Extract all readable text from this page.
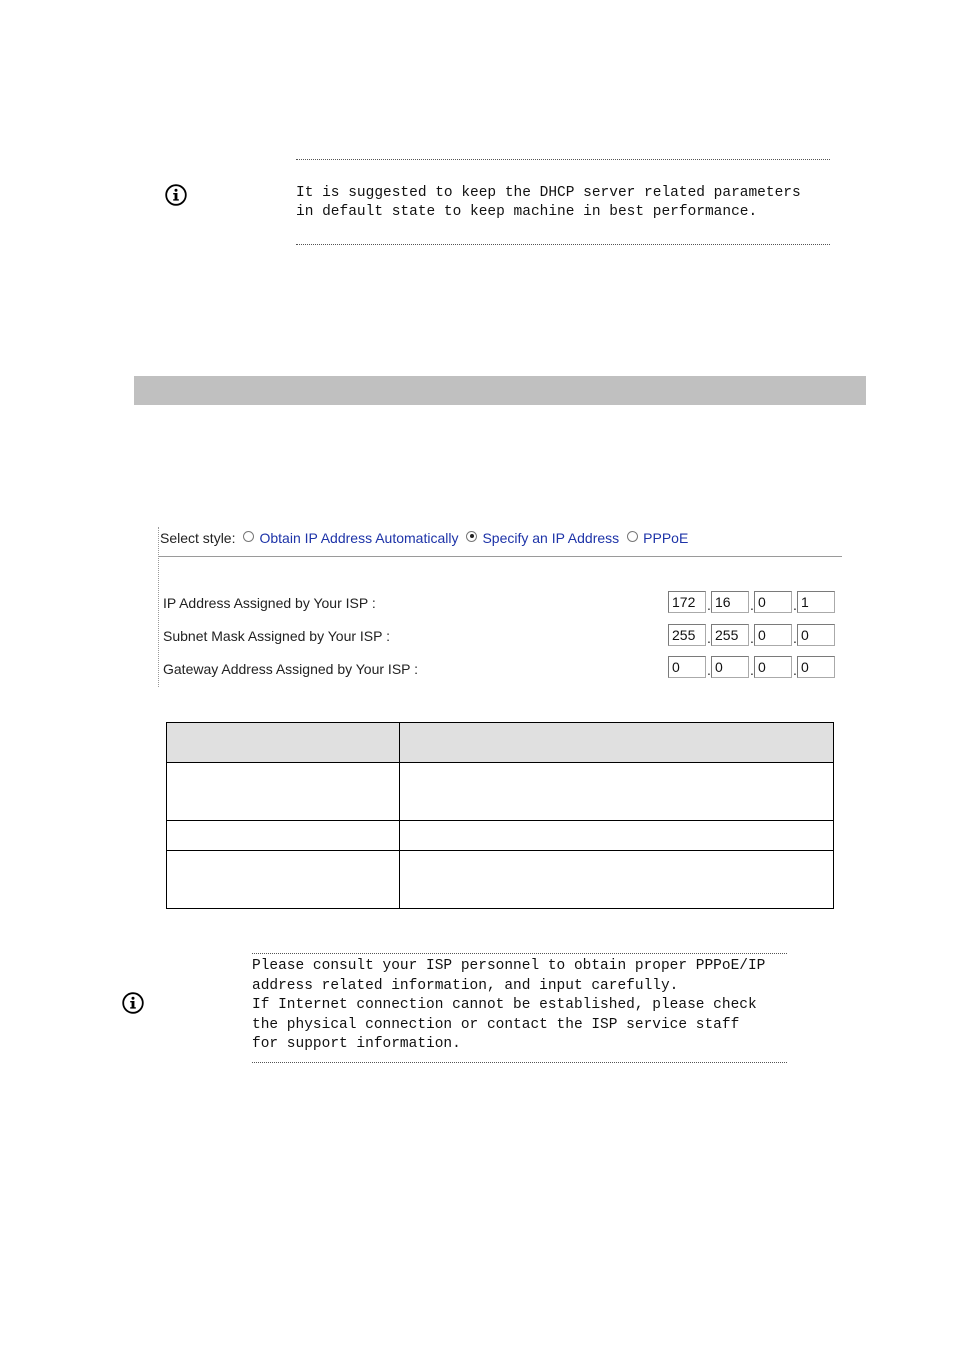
It is suggested to keep the DHCP server related parameters
in default state to keep machine in best performance.
Select style: Obtain IP Address Automatically Specify an IP Address PPPoE
IP Address Assigned by Your ISP :	172 . 16	. 0	. 1
Subnet Mask Assigned by Your ISP :	255 . 255 . 0	. 0
Gateway Address Assigned by Your ISP :	0	. 0	. 0	. 0

Please consult your ISP personnel to obtain proper PPPoE/IP
address related information, and input carefully.
If Internet connection cannot be established, please check
the physical connection or contact the ISP service staff
for support information.
